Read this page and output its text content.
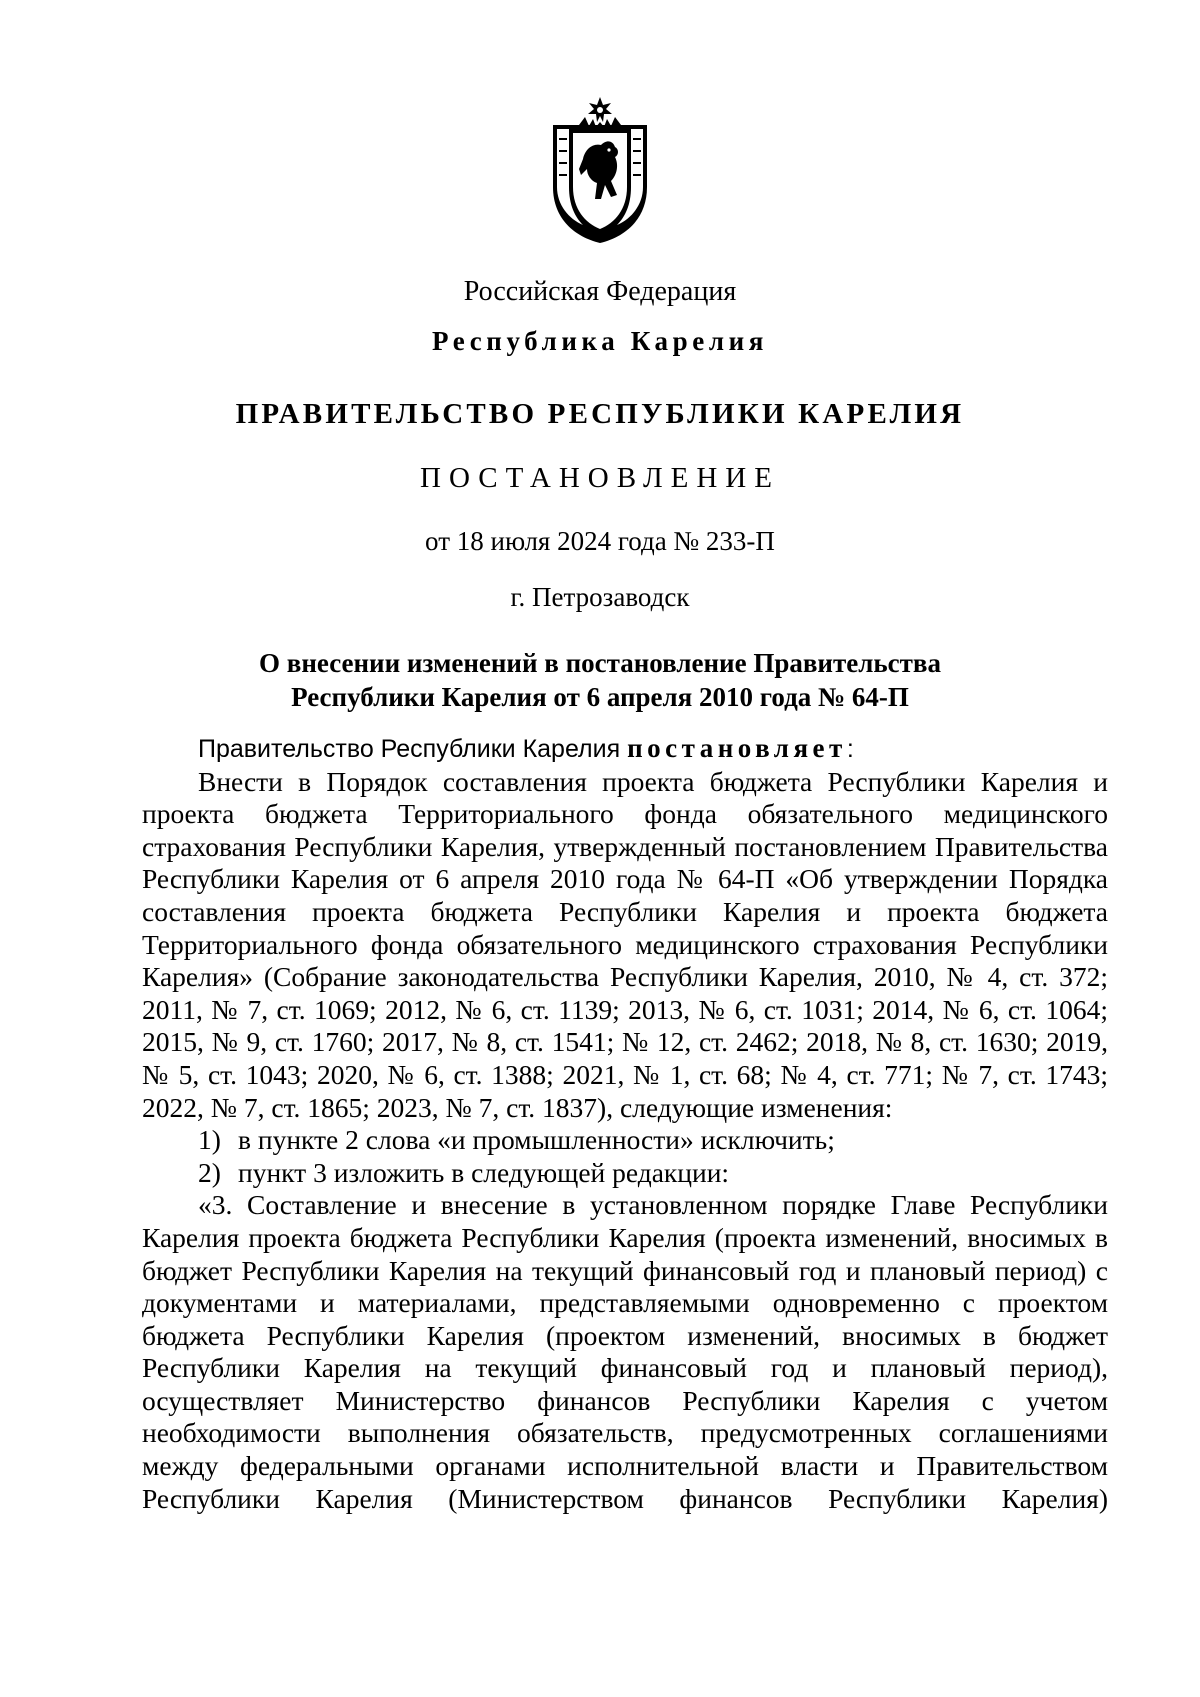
Российская Федерация
Республика Карелия
ПРАВИТЕЛЬСТВО РЕСПУБЛИКИ КАРЕЛИЯ
ПОСТАНОВЛЕНИЕ
от 18 июля 2024 года № 233-П
г. Петрозаводск
О внесении изменений в постановление Правительства
Республики Карелия от 6 апреля 2010 года № 64-П

Правительство Республики Карелия постановляет:

Внести в Порядок составления проекта бюджета Республики Карелия и проекта бюджета Территориального фонда обязательного медицинского страхования Республики Карелия, утвержденный постановлением Правительства Республики Карелия от 6 апреля 2010 года № 64-П «Об утверждении Порядка составления проекта бюджета Республики Карелия и проекта бюджета Территориального фонда обязательного медицинского страхования Республики Карелия» (Собрание законодательства Республики Карелия, 2010, № 4, ст. 372; 2011, № 7, ст. 1069; 2012, № 6, ст. 1139; 2013, № 6, ст. 1031; 2014, № 6, ст. 1064; 2015, № 9, ст. 1760; 2017, № 8, ст. 1541; № 12, ст. 2462; 2018, № 8, ст. 1630; 2019, № 5, ст. 1043; 2020, № 6, ст. 1388; 2021, № 1, ст. 68; № 4, ст. 771; № 7, ст. 1743; 2022, № 7, ст. 1865; 2023, № 7, ст. 1837), следующие изменения:

1) в пункте 2 слова «и промышленности» исключить;

2) пункт 3 изложить в следующей редакции:

«3. Составление и внесение в установленном порядке Главе Республики Карелия проекта бюджета Республики Карелия (проекта изменений, вносимых в бюджет Республики Карелия на текущий финансовый год и плановый период) с документами и материалами, представляемыми одновременно с проектом бюджета Республики Карелия (проектом изменений, вносимых в бюджет Республики Карелия на текущий финансовый год и плановый период), осуществляет Министерство финансов Республики Карелия с учетом необходимости выполнения обязательств, предусмотренных соглашениями между федеральными органами исполнительной власти и Правительством Республики Карелия (Министерством финансов Республики Карелия)
